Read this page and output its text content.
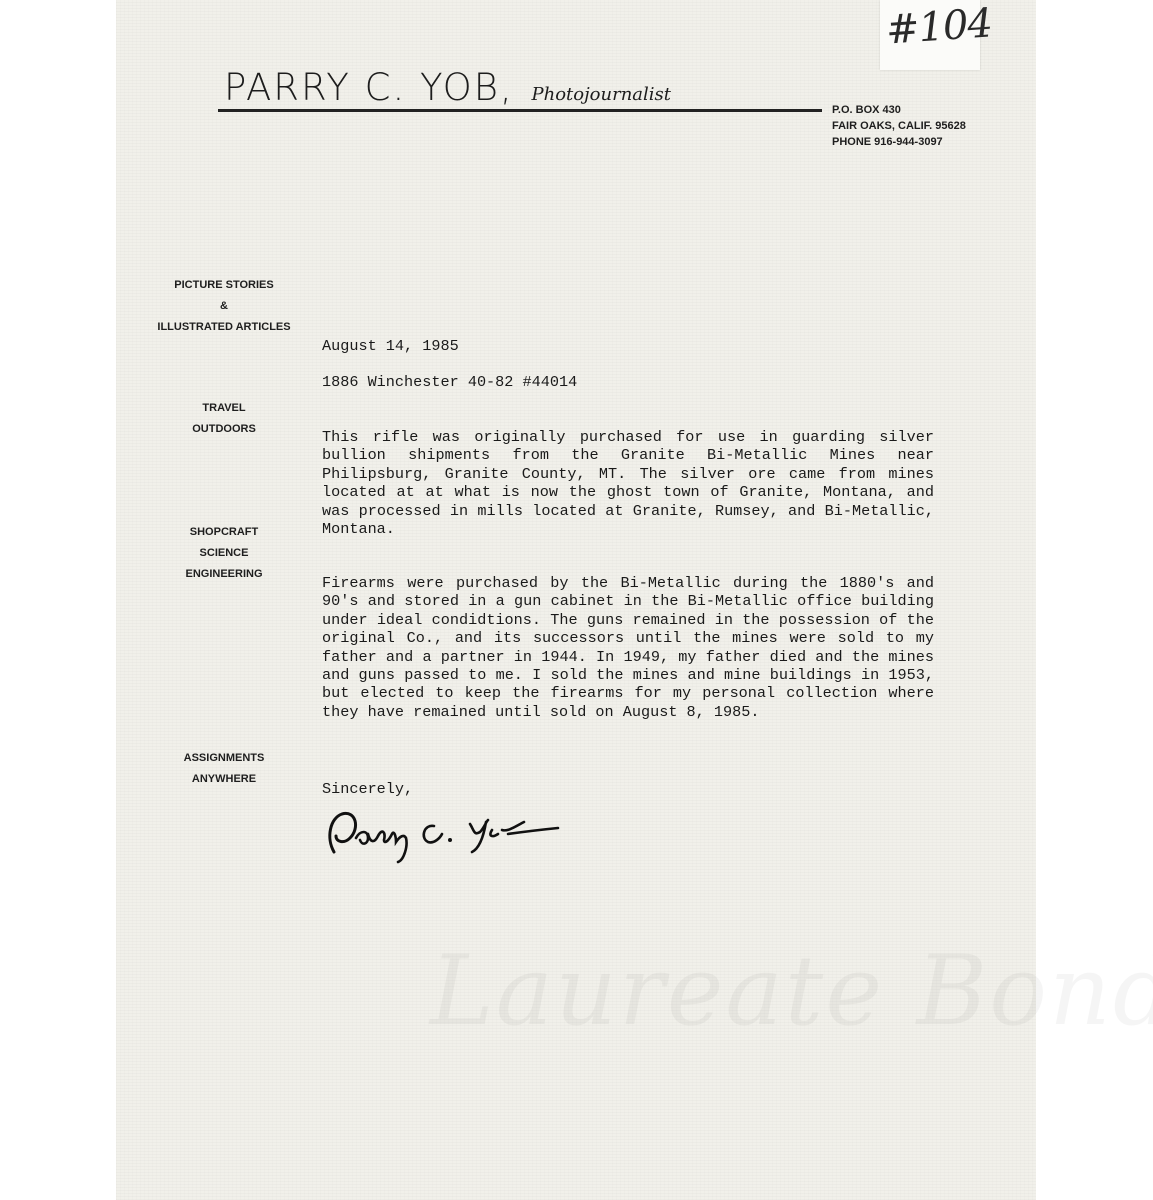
#104
PARRY C. YOB, Photojournalist
P.O. BOX 430
FAIR OAKS, CALIF. 95628
PHONE 916-944-3097
PICTURE STORIES
&
ILLUSTRATED ARTICLES
TRAVEL
OUTDOORS
SHOPCRAFT
SCIENCE
ENGINEERING
ASSIGNMENTS
ANYWHERE
August 14, 1985
1886 Winchester 40-82 #44014
This rifle was originally purchased for use in guarding silver bullion shipments from the Granite Bi-Metallic Mines near Philipsburg, Granite County, MT. The silver ore came from mines located at at what is now the ghost town of Granite, Montana, and was processed in mills located at Granite, Rumsey, and Bi-Metallic, Montana.
Firearms were purchased by the Bi-Metallic during the 1880's and 90's and stored in a gun cabinet in the Bi-Metallic office building under ideal condidtions. The guns remained in the possession of the original Co., and its successors until the mines were sold to my father and a partner in 1944. In 1949, my father died and the mines and guns passed to me. I sold the mines and mine buildings in 1953, but elected to keep the firearms for my personal collection where they have remained until sold on August 8, 1985.
Sincerely,
